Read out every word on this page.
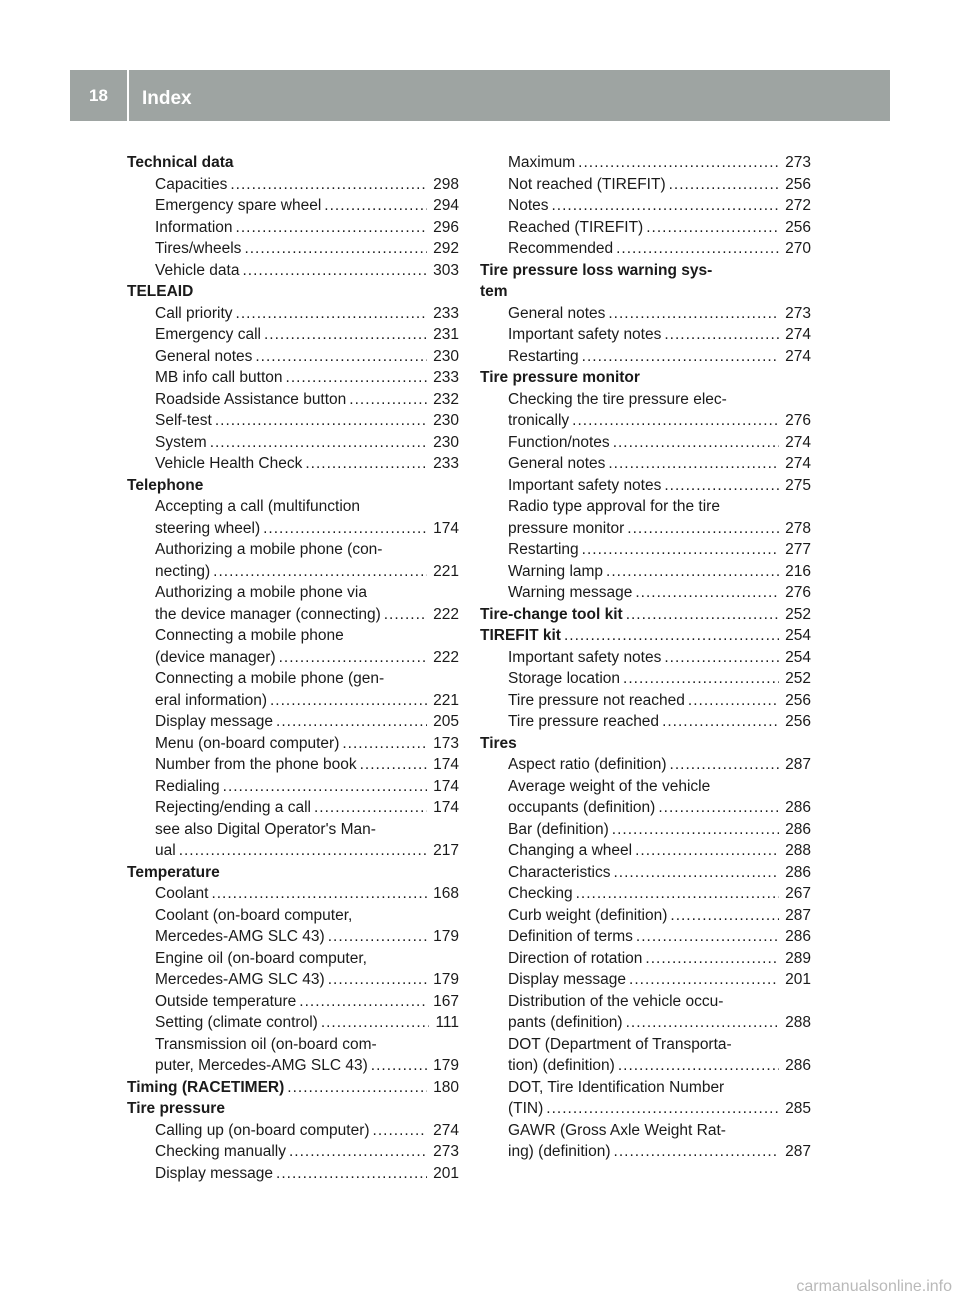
18	Index
Technical data
Capacities .....	298
Emergency spare wheel .....	294
Information .....	296
Tires/wheels .....	292
Vehicle data .....	303
TELEAID
Call priority .....	233
Emergency call .....	231
General notes .....	230
MB info call button .....	233
Roadside Assistance button .....	232
Self-test .....	230
System .....	230
Vehicle Health Check .....	233
Telephone
Accepting a call (multifunction
steering wheel) .....	174
Authorizing a mobile phone (con-
necting) .....	221
Authorizing a mobile phone via
the device manager (connecting) .....	222
Connecting a mobile phone
(device manager) .....	222
Connecting a mobile phone (gen-
eral information) .....	221
Display message .....	205
Menu (on-board computer) .....	173
Number from the phone book .....	174
Redialing .....	174
Rejecting/ending a call .....	174
see also Digital Operator's Man-
ual .....	217
Temperature
Coolant .....	168
Coolant (on-board computer,
Mercedes-AMG SLC 43) .....	179
Engine oil (on-board computer,
Mercedes-AMG SLC 43) .....	179
Outside temperature .....	167
Setting (climate control) .....	111
Transmission oil (on-board com-
puter, Mercedes-AMG SLC 43) .....	179
Timing (RACETIMER) .....	180
Tire pressure
Calling up (on-board computer) .....	274
Checking manually .....	273
Display message .....	201
Maximum .....	273
Not reached (TIREFIT) .....	256
Notes .....	272
Reached (TIREFIT) .....	256
Recommended .....	270
Tire pressure loss warning sys-
tem
General notes .....	273
Important safety notes .....	274
Restarting .....	274
Tire pressure monitor
Checking the tire pressure elec-
tronically .....	276
Function/notes .....	274
General notes .....	274
Important safety notes .....	275
Radio type approval for the tire
pressure monitor .....	278
Restarting .....	277
Warning lamp .....	216
Warning message .....	276
Tire-change tool kit .....	252
TIREFIT kit .....	254
Important safety notes .....	254
Storage location .....	252
Tire pressure not reached .....	256
Tire pressure reached .....	256
Tires
Aspect ratio (definition) .....	287
Average weight of the vehicle
occupants (definition) .....	286
Bar (definition) .....	286
Changing a wheel .....	288
Characteristics .....	286
Checking .....	267
Curb weight (definition) .....	287
Definition of terms .....	286
Direction of rotation .....	289
Display message .....	201
Distribution of the vehicle occu-
pants (definition) .....	288
DOT (Department of Transporta-
tion) (definition) .....	286
DOT, Tire Identification Number
(TIN) .....	285
GAWR (Gross Axle Weight Rat-
ing) (definition) .....	287
carmanualsonline.info
